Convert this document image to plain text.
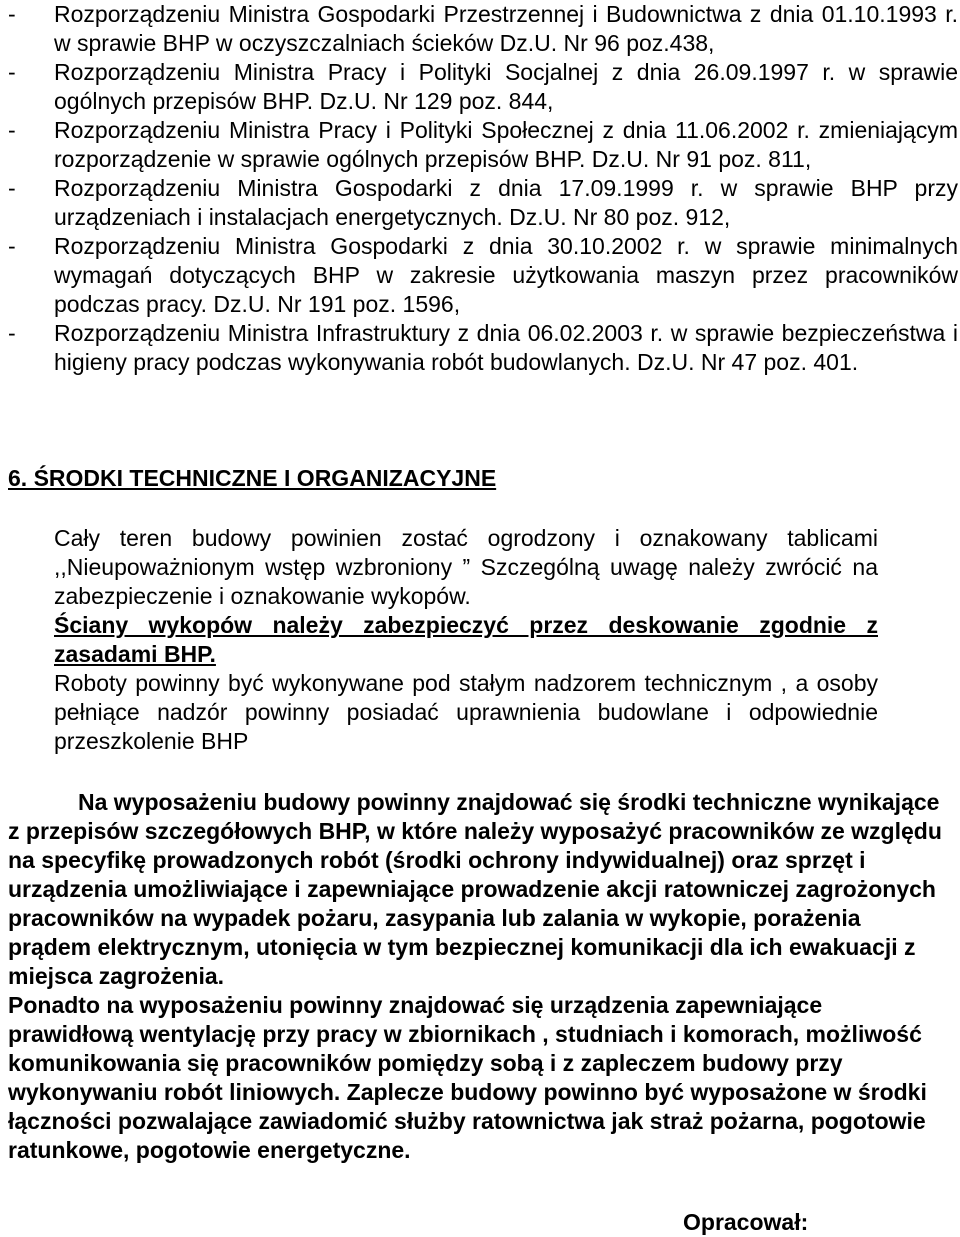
- Rozporządzeniu Ministra Gospodarki Przestrzennej i Budownictwa z dnia 01.10.1993 r. w sprawie BHP w oczyszczalniach ścieków Dz.U. Nr 96 poz.438,
- Rozporządzeniu Ministra Pracy i Polityki Socjalnej z dnia 26.09.1997 r. w sprawie ogólnych przepisów BHP. Dz.U. Nr 129 poz. 844,
- Rozporządzeniu Ministra Pracy i Polityki Społecznej z dnia 11.06.2002 r. zmieniającym rozporządzenie w sprawie ogólnych przepisów BHP. Dz.U. Nr 91 poz. 811,
- Rozporządzeniu Ministra Gospodarki z dnia 17.09.1999 r. w sprawie BHP przy urządzeniach i instalacjach energetycznych. Dz.U. Nr 80 poz. 912,
- Rozporządzeniu Ministra Gospodarki z dnia 30.10.2002 r. w sprawie minimalnych wymagań dotyczących BHP w zakresie użytkowania maszyn przez pracowników podczas pracy. Dz.U. Nr 191 poz. 1596,
- Rozporządzeniu Ministra Infrastruktury z dnia 06.02.2003 r. w sprawie bezpieczeństwa i higieny pracy podczas wykonywania robót budowlanych. Dz.U. Nr 47 poz. 401.
6. ŚRODKI TECHNICZNE I ORGANIZACYJNE

Cały teren budowy powinien zostać ogrodzony i oznakowany tablicami ,,Nieupoważnionym wstęp wzbroniony ” Szczególną uwagę należy zwrócić na zabezpieczenie i oznakowanie wykopów.

Ściany wykopów należy zabezpieczyć przez deskowanie zgodnie z zasadami BHP.

Roboty powinny być wykonywane pod stałym nadzorem technicznym , a osoby pełniące nadzór powinny posiadać uprawnienia budowlane i odpowiednie przeszkolenie BHP

Na wyposażeniu budowy powinny znajdować się środki techniczne wynikające z przepisów szczegółowych BHP, w które należy wyposażyć pracowników ze względu na specyfikę prowadzonych robót (środki ochrony indywidualnej) oraz sprzęt i urządzenia umożliwiające i zapewniające prowadzenie akcji ratowniczej zagrożonych pracowników na wypadek pożaru, zasypania lub zalania w wykopie, porażenia prądem elektrycznym, utonięcia w tym bezpiecznej komunikacji dla ich ewakuacji z miejsca zagrożenia.

Ponadto na wyposażeniu powinny znajdować się urządzenia zapewniające prawidłową wentylację przy pracy w zbiornikach , studniach i komorach, możliwość komunikowania się pracowników pomiędzy sobą i z zapleczem budowy przy wykonywaniu robót liniowych. Zaplecze budowy powinno być wyposażone w środki łączności pozwalające zawiadomić służby ratownictwa jak straż pożarna, pogotowie ratunkowe, pogotowie energetyczne.

Opracował:
